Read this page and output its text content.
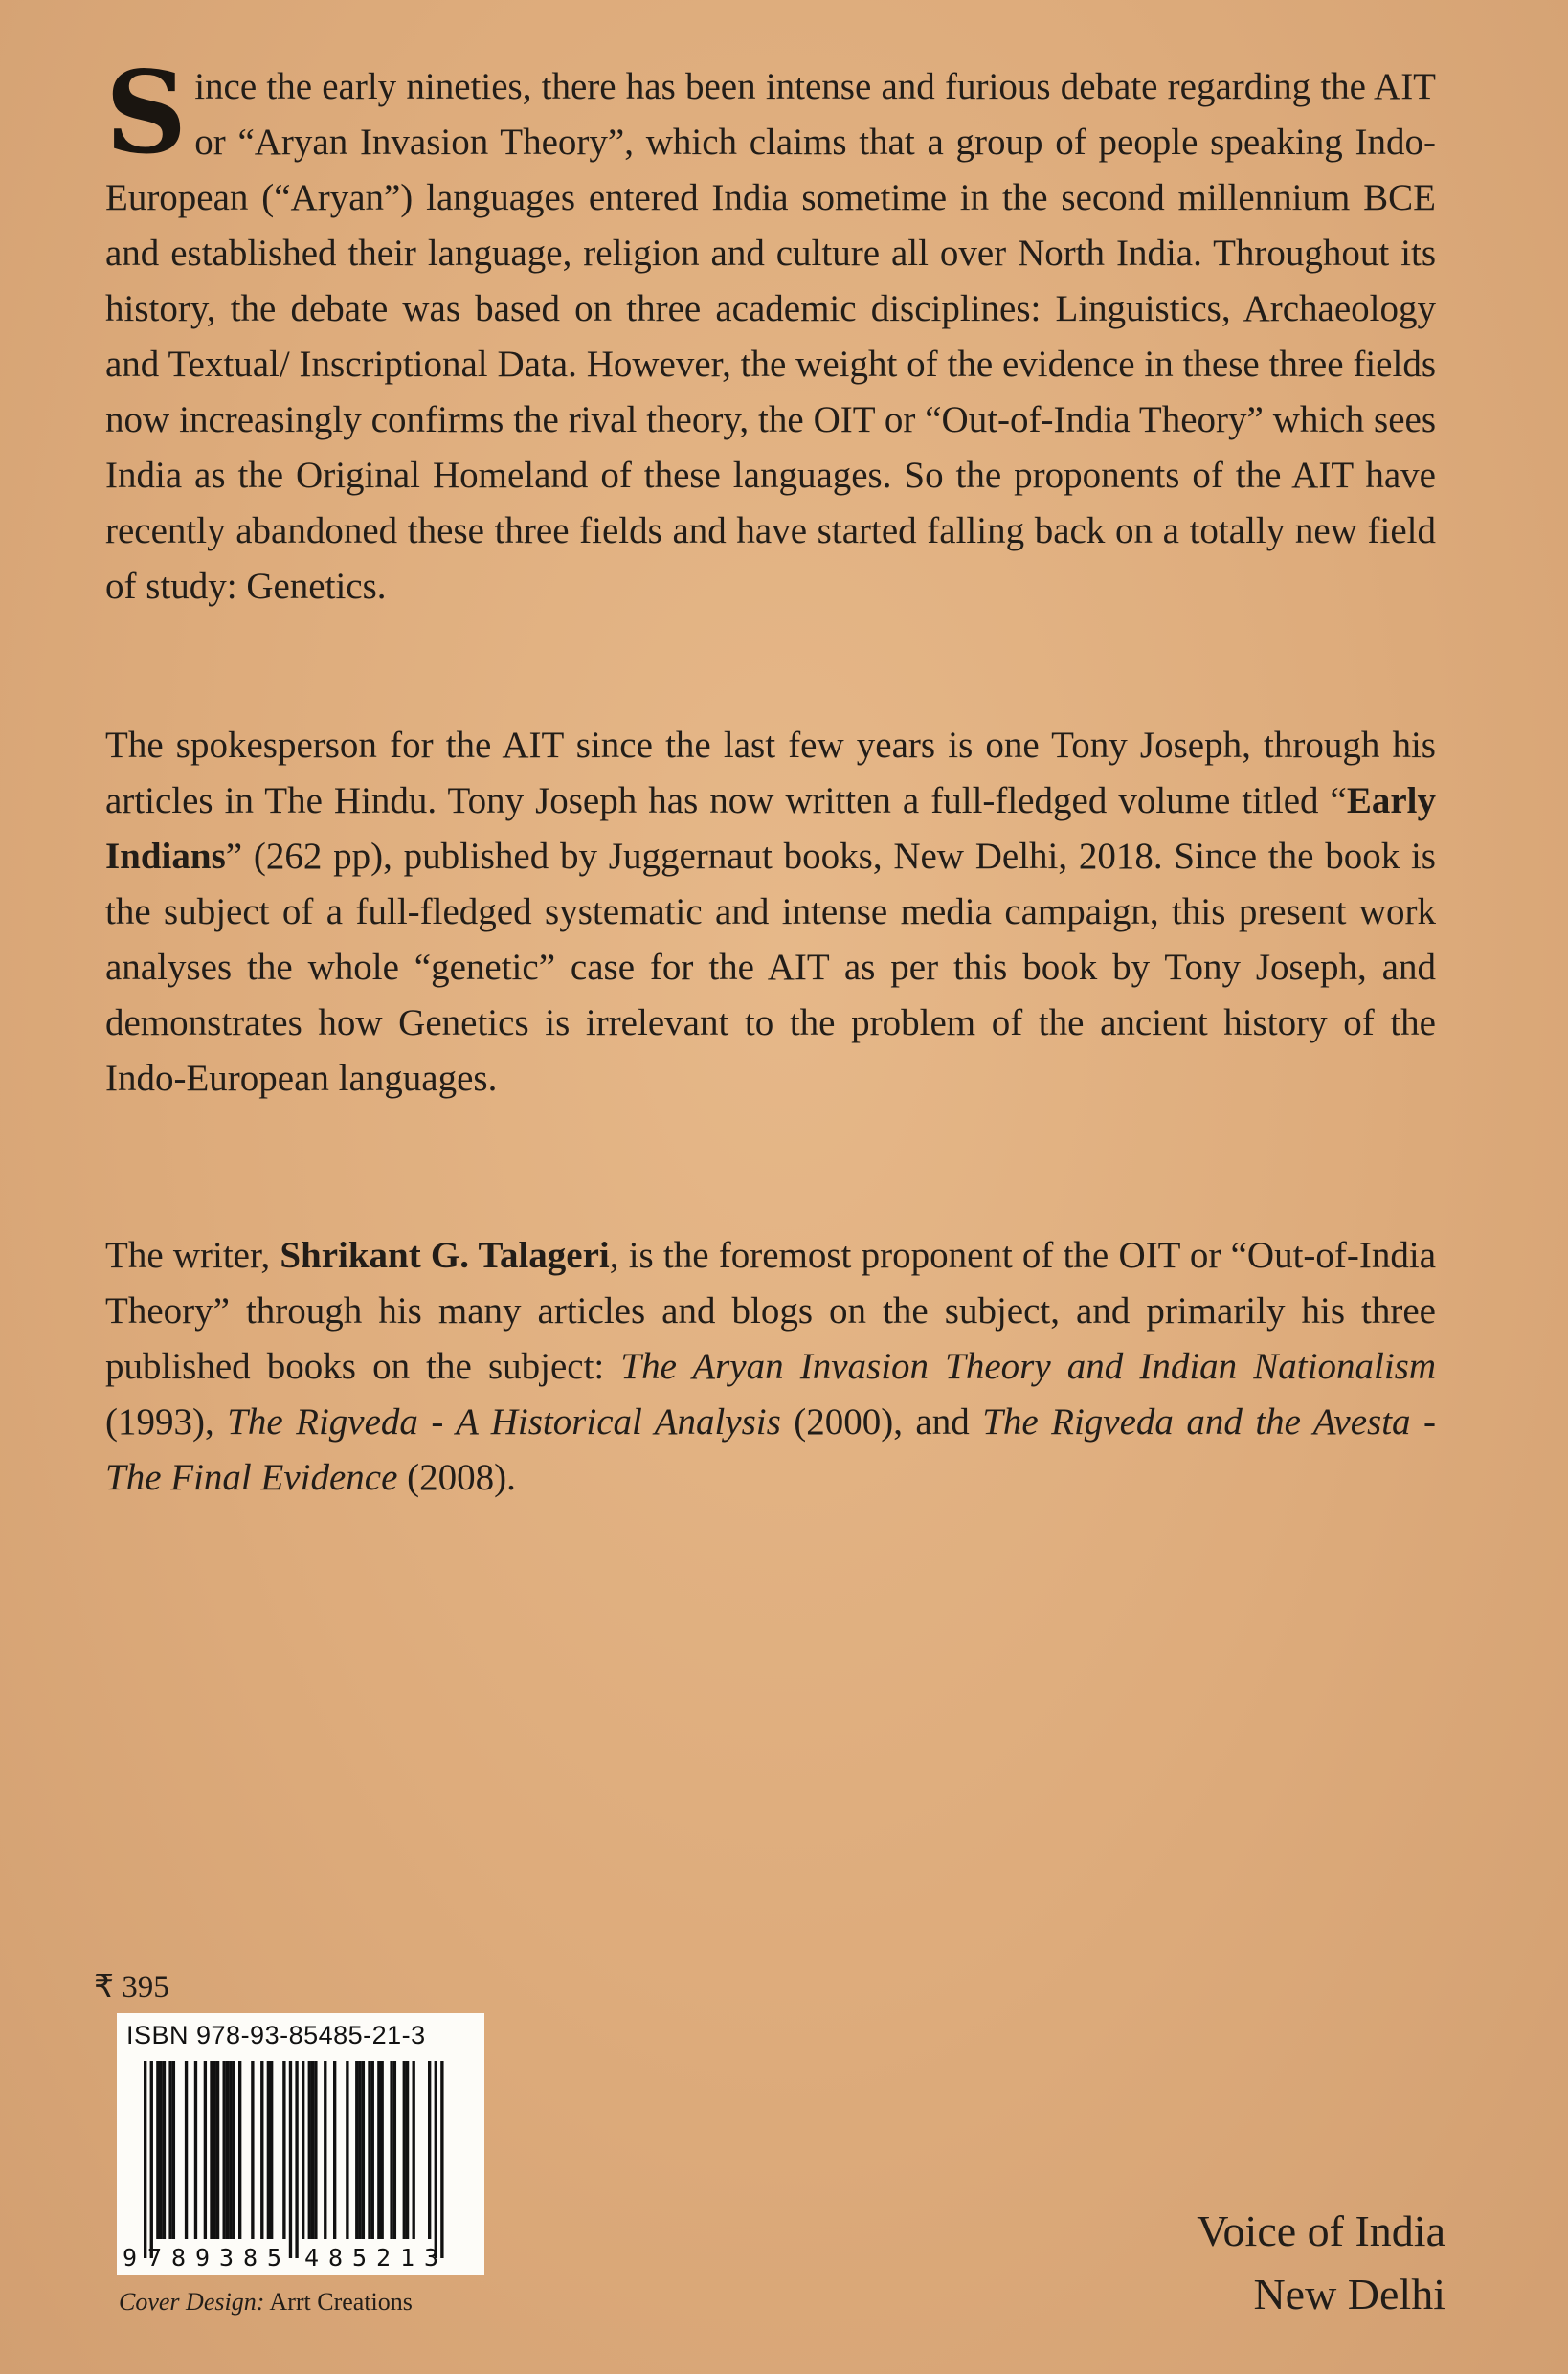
Since the early nineties, there has been intense and furious debate regarding the AIT or “Aryan Invasion Theory”, which claims that a group of people speaking Indo-European (“Aryan”) languages entered India sometime in the second millennium BCE and established their language, religion and culture all over North India. Throughout its history, the debate was based on three academic disciplines: Linguistics, Archaeology and Textual/ Inscriptional Data. However, the weight of the evidence in these three fields now increasingly confirms the rival theory, the OIT or “Out-of-India Theory” which sees India as the Original Homeland of these languages. So the proponents of the AIT have recently abandoned these three fields and have started falling back on a totally new field of study: Genetics.

The spokesperson for the AIT since the last few years is one Tony Joseph, through his articles in The Hindu. Tony Joseph has now written a full-fledged volume titled “Early Indians” (262 pp), published by Juggernaut books, New Delhi, 2018. Since the book is the subject of a full-fledged systematic and intense media campaign, this present work analyses the whole “genetic” case for the AIT as per this book by Tony Joseph, and demonstrates how Genetics is irrelevant to the problem of the ancient history of the Indo-European languages.

The writer, Shrikant G. Talageri, is the foremost proponent of the OIT or “Out-of-India Theory” through his many articles and blogs on the subject, and primarily his three published books on the subject: The Aryan Invasion Theory and Indian Nationalism (1993), The Rigveda - A Historical Analysis (2000), and The Rigveda and the Avesta - The Final Evidence (2008).

₹ 395
ISBN 978-93-85485-21-3
9 789385 485213
Cover Design: Arrt Creations
Voice of India
New Delhi
